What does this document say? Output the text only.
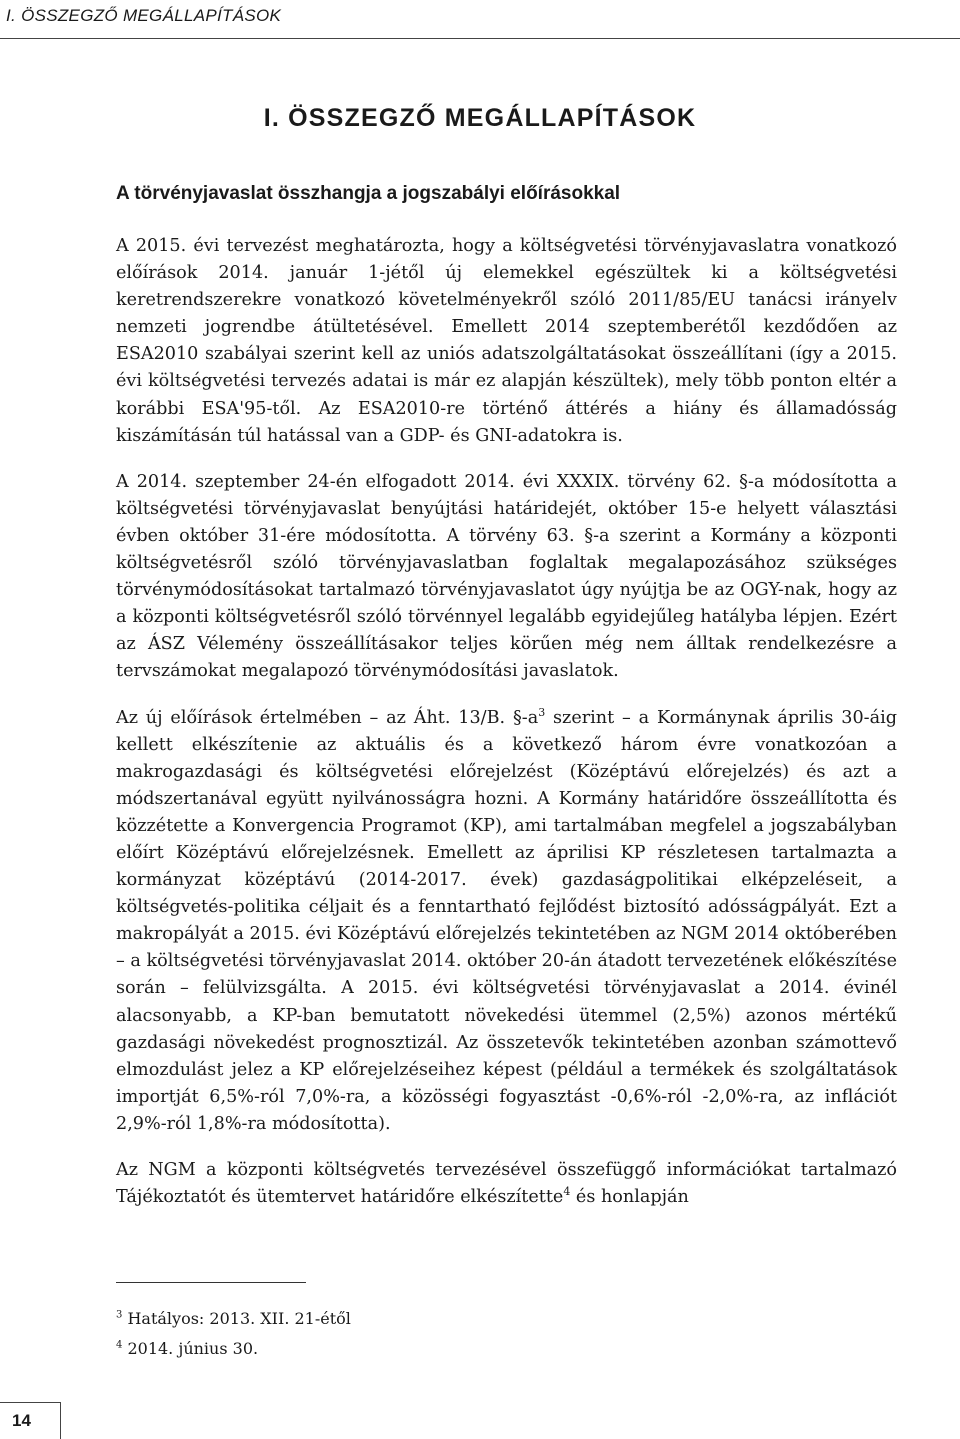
I. ÖSSZEGZŐ MEGÁLLAPÍTÁSOK
I. ÖSSZEGZŐ MEGÁLLAPÍTÁSOK
A törvényjavaslat összhangja a jogszabályi előírásokkal

A 2015. évi tervezést meghatározta, hogy a költségvetési törvényjavaslatra vonatkozó előírások 2014. január 1-jétől új elemekkel egészültek ki a költségvetési keretrendszerekre vonatkozó követelményekről szóló 2011/85/EU tanácsi irányelv nemzeti jogrendbe átültetésével. Emellett 2014 szeptemberétől kezdődően az ESA2010 szabályai szerint kell az uniós adatszolgáltatásokat összeállítani (így a 2015. évi költségvetési tervezés adatai is már ez alapján készültek), mely több ponton eltér a korábbi ESA'95-től. Az ESA2010-re történő áttérés a hiány és államadósság kiszámításán túl hatással van a GDP- és GNI-adatokra is.

A 2014. szeptember 24-én elfogadott 2014. évi XXXIX. törvény 62. §-a módosította a költségvetési törvényjavaslat benyújtási határidejét, október 15-e helyett választási évben október 31-ére módosította. A törvény 63. §-a szerint a Kormány a központi költségvetésről szóló törvényjavaslatban foglaltak megalapozásához szükséges törvénymódosításokat tartalmazó törvényjavaslatot úgy nyújtja be az OGY-nak, hogy az a központi költségvetésről szóló törvénnyel legalább egyidejűleg hatályba lépjen. Ezért az ÁSZ Vélemény összeállításakor teljes körűen még nem álltak rendelkezésre a tervszámokat megalapozó törvénymódosítási javaslatok.

Az új előírások értelmében – az Áht. 13/B. $\S-a^3$ szerint – a Kormánynak április 30-áig kellett elkészítenie az aktuális és a következő három évre vonatkozóan a makrogazdasági és költségvetési előrejelzést (Középtávú előrejelzés) és azt a módszertanával együtt nyilvánosságra hozni. A Kormány határidőre összeállította és közzétette a Konvergencia Programot (KP), ami tartalmában megfelel a jogszabályban előírt Középtávú előrejelzésnek. Emellett az áprilisi KP részletesen tartalmazta a kormányzat középtávú (2014-2017. évek) gazdaságpolitikai elképzeléseit, a költségvetés-politika céljait és a fenntartható fejlődést biztosító adósságpályát. Ezt a makropályát a 2015. évi Középtávú előrejelzés tekintetében az NGM 2014 októberében – a költségvetési törvényjavaslat 2014. október 20-án átadott tervezetének előkészítése során – felülvizsgálta. A 2015. évi költségvetési törvényjavaslat a 2014. évinél alacsonyabb, a KP-ban bemutatott növekedési ütemmel (2,5%) azonos mértékű gazdasági növekedést prognosztizál. Az összetevők tekintetében azonban számottevő elmozdulást jelez a KP előrejelzéseihez képest (például a termékek és szolgáltatások importját 6,5%-ról 7,0%-ra, a közösségi fogyasztást -0,6%-ról -2,0%-ra, az inflációt 2,9%-ról 1,8%-ra módosította).

Az NGM a központi költségvetés tervezésével összefüggő információkat tartalmazó Tájékoztatót és ütemtervet határidőre elkészítette$^4$ és honlapján

$^3$ Hatályos: 2013. XII. 21-étől
$^4$ 2014. június 30.
14
